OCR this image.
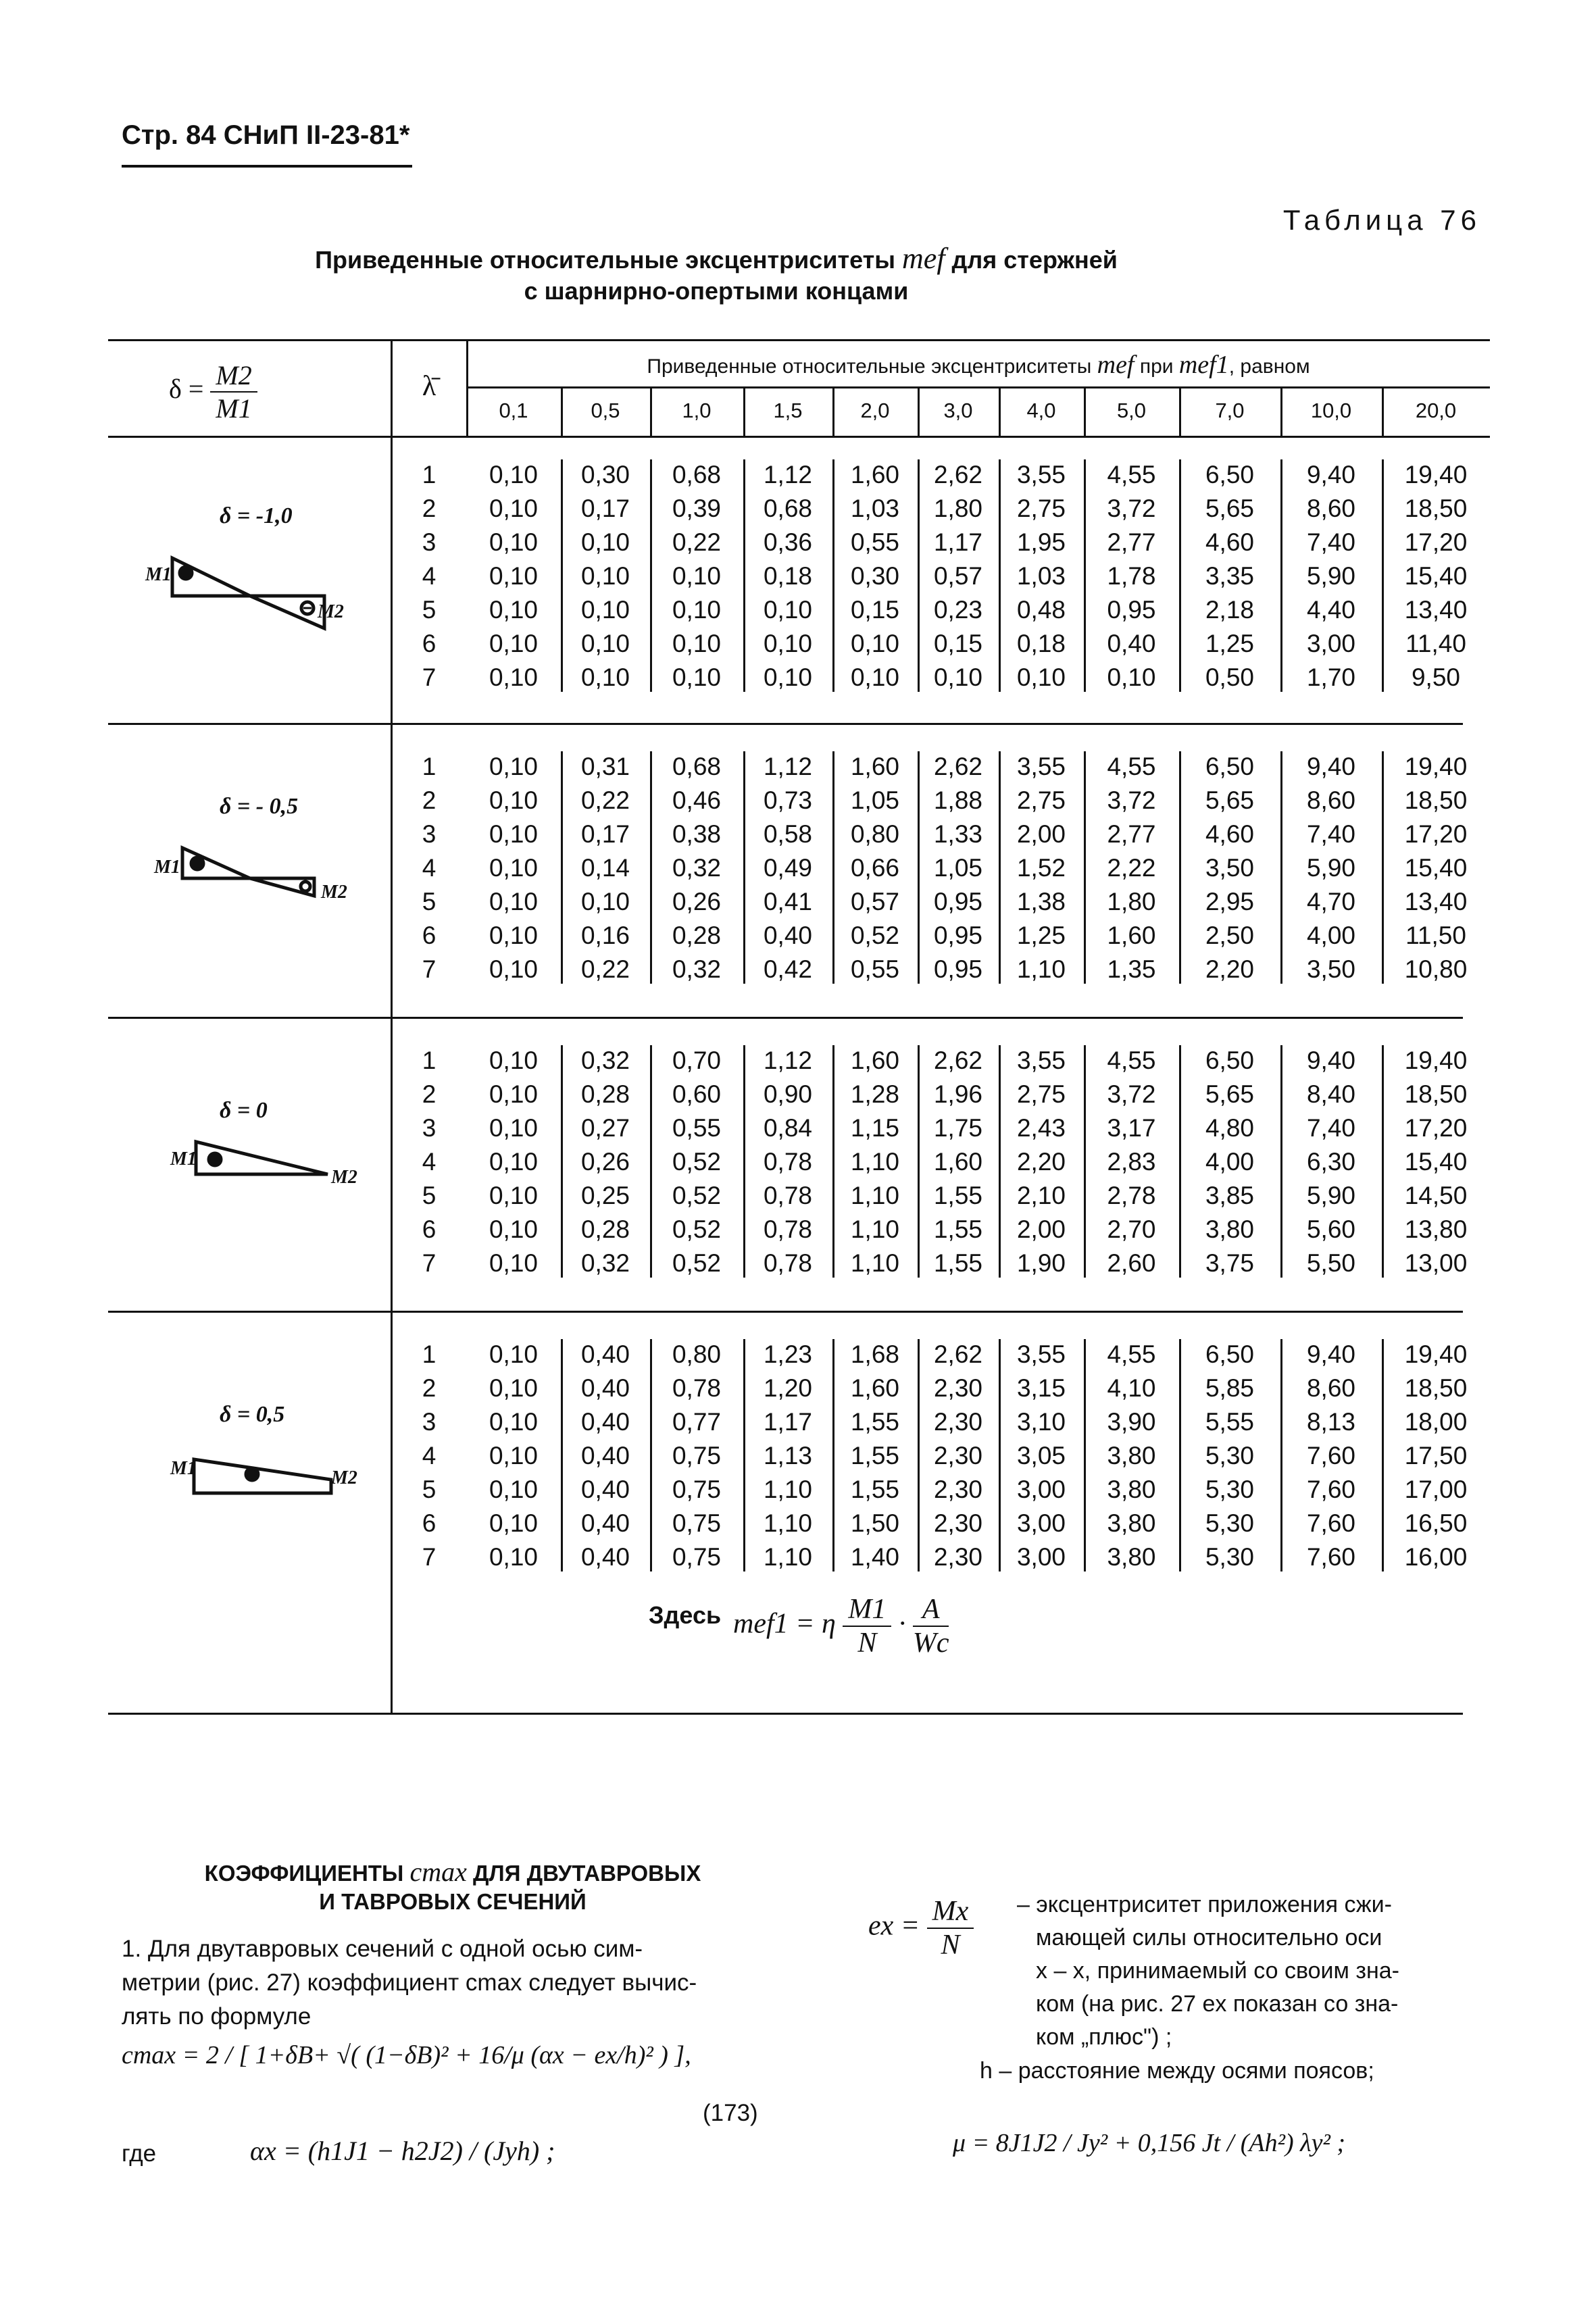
Стр. 84 СНиП II-23-81*
Таблица 76
Приведенные относительные эксцентриситеты mef для стержней
с шарнирно-опертыми концами
$\delta = \frac{M2}{M1}$	λ̄
Приведенные относительные эксцентриситеты mef при mef1, равном
0,1	0,5	1,0	1,5	2,0	3,0	4,0	5,0	7,0	10,0	20,0
δ = -1,0
M1
M2
δ = - 0,5
M1
M2
δ = 0
M1
M2
δ = 0,5
M1	M2
1	0,10	0,30	0,68	1,12	1,60	2,62	3,55	4,55	6,50	9,40	19,40
2	0,10	0,17	0,39	0,68	1,03	1,80	2,75	3,72	5,65	8,60	18,50
3	0,10	0,10	0,22	0,36	0,55	1,17	1,95	2,77	4,60	7,40	17,20
4	0,10	0,10	0,10	0,18	0,30	0,57	1,03	1,78	3,35	5,90	15,40
5	0,10	0,10	0,10	0,10	0,15	0,23	0,48	0,95	2,18	4,40	13,40
6	0,10	0,10	0,10	0,10	0,10	0,15	0,18	0,40	1,25	3,00	11,40
7	0,10	0,10	0,10	0,10	0,10	0,10	0,10	0,10	0,50	1,70	9,50
1	0,10	0,31	0,68	1,12	1,60	2,62	3,55	4,55	6,50	9,40	19,40
2	0,10	0,22	0,46	0,73	1,05	1,88	2,75	3,72	5,65	8,60	18,50
3	0,10	0,17	0,38	0,58	0,80	1,33	2,00	2,77	4,60	7,40	17,20
4	0,10	0,14	0,32	0,49	0,66	1,05	1,52	2,22	3,50	5,90	15,40
5	0,10	0,10	0,26	0,41	0,57	0,95	1,38	1,80	2,95	4,70	13,40
6	0,10	0,16	0,28	0,40	0,52	0,95	1,25	1,60	2,50	4,00	11,50
7	0,10	0,22	0,32	0,42	0,55	0,95	1,10	1,35	2,20	3,50	10,80
1	0,10	0,32	0,70	1,12	1,60	2,62	3,55	4,55	6,50	9,40	19,40
2	0,10	0,28	0,60	0,90	1,28	1,96	2,75	3,72	5,65	8,40	18,50
3	0,10	0,27	0,55	0,84	1,15	1,75	2,43	3,17	4,80	7,40	17,20
4	0,10	0,26	0,52	0,78	1,10	1,60	2,20	2,83	4,00	6,30	15,40
5	0,10	0,25	0,52	0,78	1,10	1,55	2,10	2,78	3,85	5,90	14,50
6	0,10	0,28	0,52	0,78	1,10	1,55	2,00	2,70	3,80	5,60	13,80
7	0,10	0,32	0,52	0,78	1,10	1,55	1,90	2,60	3,75	5,50	13,00
1	0,10	0,40	0,80	1,23	1,68	2,62	3,55	4,55	6,50	9,40	19,40
2	0,10	0,40	0,78	1,20	1,60	2,30	3,15	4,10	5,85	8,60	18,50
3	0,10	0,40	0,77	1,17	1,55	2,30	3,10	3,90	5,55	8,13	18,00
4	0,10	0,40	0,75	1,13	1,55	2,30	3,05	3,80	5,30	7,60	17,50
5	0,10	0,40	0,75	1,10	1,55	2,30	3,00	3,80	5,30	7,60	17,00
6	0,10	0,40	0,75	1,10	1,50	2,30	3,00	3,80	5,30	7,60	16,50
7	0,10	0,40	0,75	1,10	1,40	2,30	3,00	3,80	5,30	7,60	16,00
Здесь mef1 = η $\frac{M1}{N} \cdot \frac{A}{Wc}$
КОЭФФИЦИЕНТЫ cmax ДЛЯ ДВУТАВРОВЫХ
И ТАВРОВЫХ СЕЧЕНИЙ
1. Для двутавровых сечений с одной осью сим-
метрии (рис. 27) коэффициент cmax следует вычис-
лять по формуле
cmax = 2 / [ 1+δB+ √( (1−δB)² + 16/μ (αx − ex/h)² ) ],
(173)
где	αx = (h1J1 − h2J2) / (Jyh) ;
ex = $\frac{Mx}{N}$ – эксцентриситет приложения сжи-
мающей силы относительно оси
x – x, принимаемый со своим зна-
ком (на рис. 27 ex показан со зна-
ком „плюс") ;
h – расстояние между осями поясов;
μ = 8J1J2 / Jy² + 0,156 Jt / (Ah²) λy² ;
